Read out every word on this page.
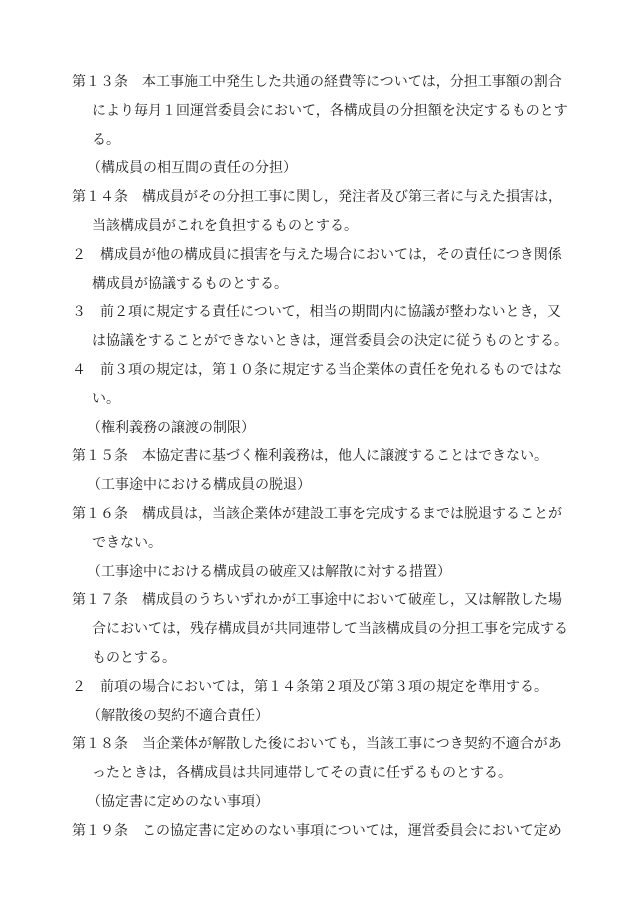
第１３条　本工事施工中発生した共通の経費等については，分担工事額の割合
により毎月１回運営委員会において，各構成員の分担額を決定するものとす
る。
（構成員の相互間の責任の分担）
第１４条　構成員がその分担工事に関し，発注者及び第三者に与えた損害は，
当該構成員がこれを負担するものとする。
２　構成員が他の構成員に損害を与えた場合においては，その責任につき関係
構成員が協議するものとする。
３　前２項に規定する責任について，相当の期間内に協議が整わないとき，又
は協議をすることができないときは，運営委員会の決定に従うものとする。
４　前３項の規定は，第１０条に規定する当企業体の責任を免れるものではな
い。
（権利義務の譲渡の制限）
第１５条　本協定書に基づく権利義務は，他人に譲渡することはできない。
（工事途中における構成員の脱退）
第１６条　構成員は，当該企業体が建設工事を完成するまでは脱退することが
できない。
（工事途中における構成員の破産又は解散に対する措置）
第１７条　構成員のうちいずれかが工事途中において破産し，又は解散した場
合においては，残存構成員が共同連帯して当該構成員の分担工事を完成する
ものとする。
２　前項の場合においては，第１４条第２項及び第３項の規定を準用する。
（解散後の契約不適合責任）
第１８条　当企業体が解散した後においても，当該工事につき契約不適合があ
ったときは，各構成員は共同連帯してその責に任ずるものとする。
（協定書に定めのない事項）
第１９条　この協定書に定めのない事項については，運営委員会において定め
